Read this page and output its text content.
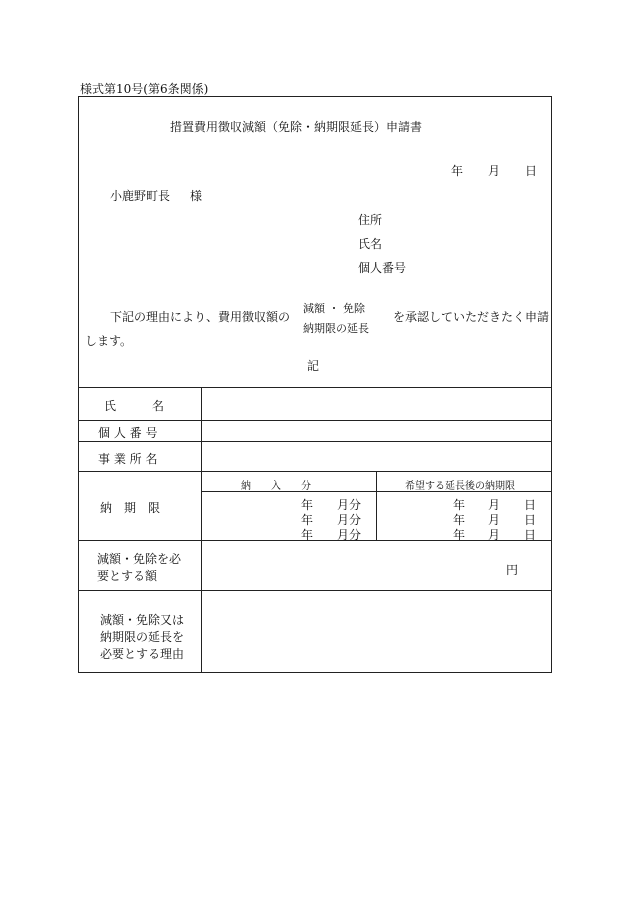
様式第10号(第6条関係)
措置費用徴収減額（免除・納期限延長）申請書
年 月 日
小鹿野町長 様
住所
氏名
個人番号
下記の理由により、費用徴収額の
減額 ・ 免除
納期限の延長
を承認していただきたく申請
します。
記
氏　　　名
個 人 番 号
事 業 所 名
納　期　限
納　　入　　分	希望する延長後の納期限
年 月分
年 月分
年 月分
年 月 日
年 月 日
年 月 日
減額・免除を必
要とする額	円
減額・免除又は
納期限の延長を
必要とする理由
